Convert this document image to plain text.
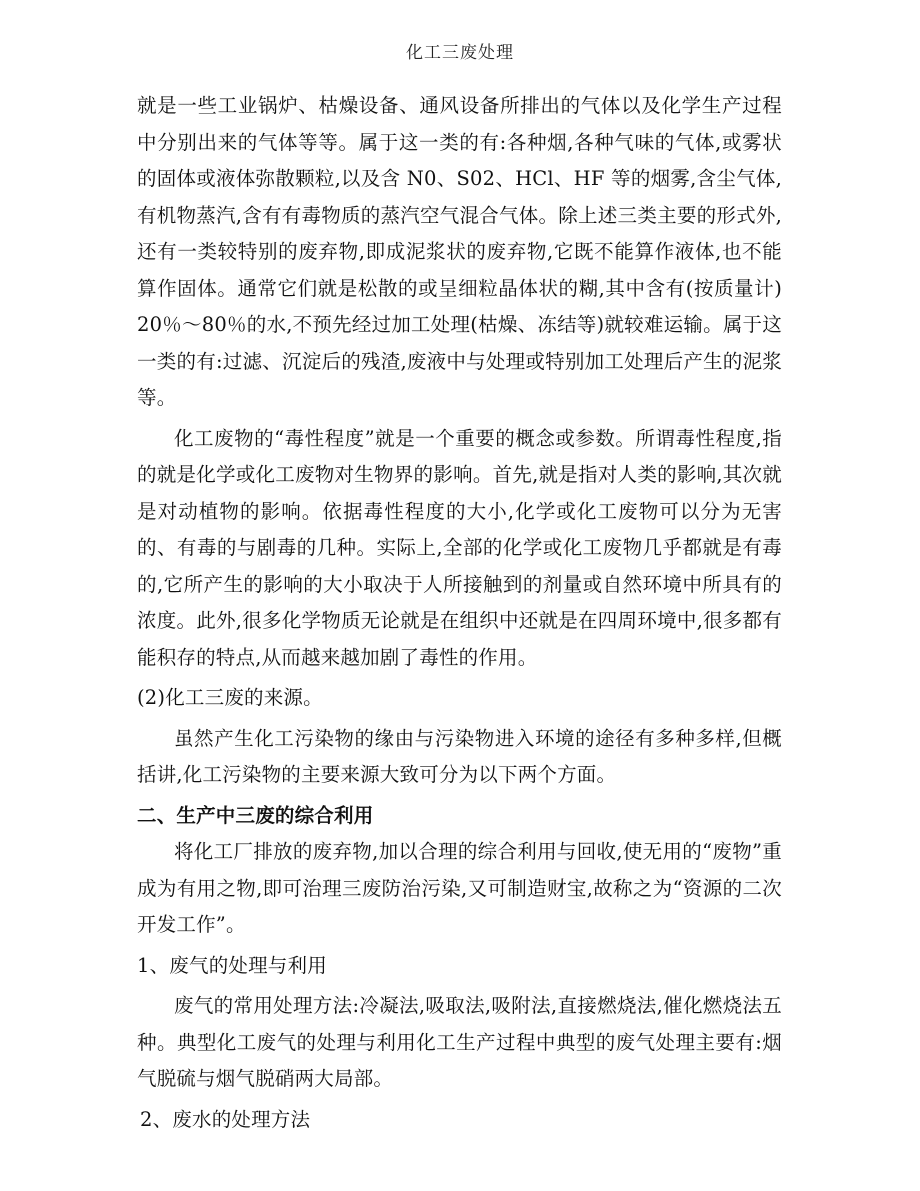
化工三废处理

就是一些工业锅炉、枯燥设备、通风设备所排出的气体以及化学生产过程中分别出来的气体等等。属于这一类的有:各种烟,各种气味的气体,或雾状的固体或液体弥散颗粒,以及含 N0、S02、HCl、HF 等的烟雾,含尘气体,有机物蒸汽,含有有毒物质的蒸汽空气混合气体。除上述三类主要的形式外,还有一类较特别的废弃物,即成泥浆状的废弃物,它既不能算作液体,也不能算作固体。通常它们就是松散的或呈细粒晶体状的糊,其中含有(按质量计) 20％～80％的水,不预先经过加工处理(枯燥、冻结等)就较难运输。属于这一类的有:过滤、沉淀后的残渣,废液中与处理或特别加工处理后产生的泥浆等。

化工废物的“毒性程度”就是一个重要的概念或参数。所谓毒性程度,指的就是化学或化工废物对生物界的影响。首先,就是指对人类的影响,其次就是对动植物的影响。依据毒性程度的大小,化学或化工废物可以分为无害的、有毒的与剧毒的几种。实际上,全部的化学或化工废物几乎都就是有毒的,它所产生的影响的大小取决于人所接触到的剂量或自然环境中所具有的浓度。此外,很多化学物质无论就是在组织中还就是在四周环境中,很多都有能积存的特点,从而越来越加剧了毒性的作用。

(2)化工三废的来源。

虽然产生化工污染物的缘由与污染物进入环境的途径有多种多样,但概括讲,化工污染物的主要来源大致可分为以下两个方面。

二、生产中三废的综合利用

将化工厂排放的废弃物,加以合理的综合利用与回收,使无用的“废物”重成为有用之物,即可治理三废防治污染,又可制造财宝,故称之为“资源的二次开发工作”。

1、废气的处理与利用

废气的常用处理方法:冷凝法,吸取法,吸附法,直接燃烧法,催化燃烧法五种。典型化工废气的处理与利用化工生产过程中典型的废气处理主要有:烟气脱硫与烟气脱硝两大局部。

2、废水的处理方法
